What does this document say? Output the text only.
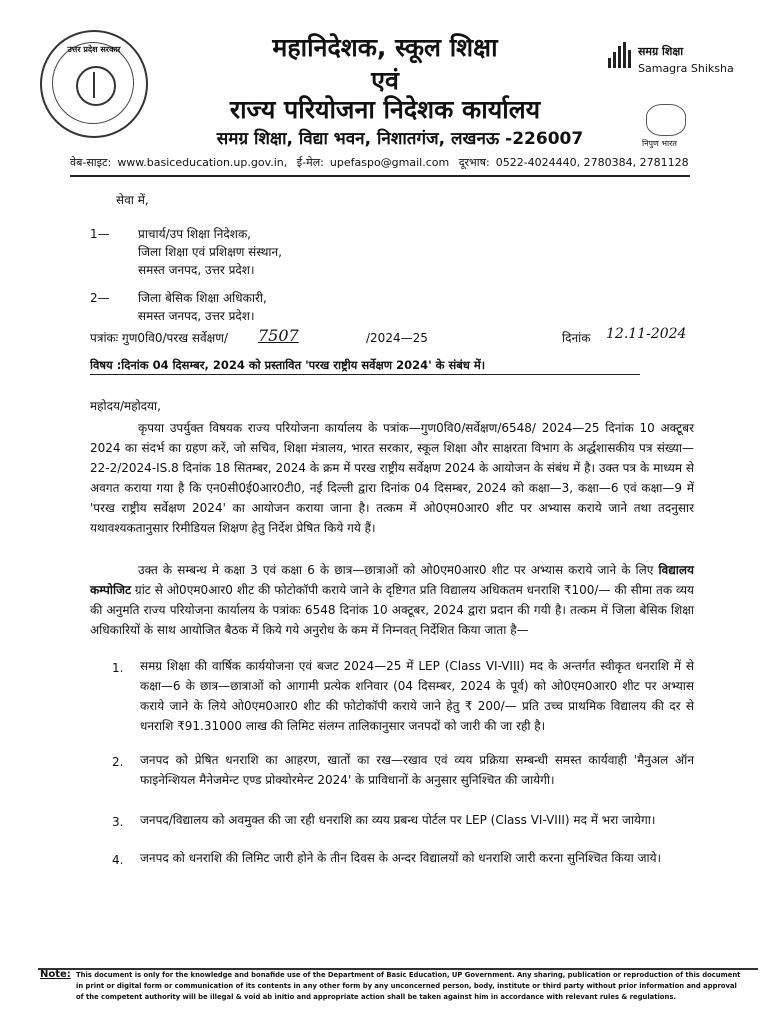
उत्तर प्रदेश सरकार	महानिदेशक, स्कूल शिक्षा
एवं
राज्य परियोजना निदेशक कार्यालय
समग्र शिक्षा, विद्या भवन, निशातगंज, लखनऊ -226007
समग्र शिक्षा
Samagra Shiksha
निपुण भारत
वेब-साइट: www.basiceducation.up.gov.in, ई-मेल: upefaspo@gmail.com दूरभाष: 0522-4024440, 2780384, 2781128
सेवा में,
1— प्राचार्य/उप शिक्षा निदेशक,
जिला शिक्षा एवं प्रशिक्षण संस्थान,
समस्त जनपद, उत्तर प्रदेश।
2— जिला बेसिक शिक्षा अधिकारी,
समस्त जनपद, उत्तर प्रदेश।
पत्रांकः गुण0वि0/परख सर्वेक्षण/ 7507	/2024—25	दिनांक 12.11-2024
विषय :दिनांक 04 दिसम्बर, 2024 को प्रस्तावित 'परख राष्ट्रीय सर्वेक्षण 2024' के संबंध में।
महोदय/महोदया,

कृपया उपर्युक्त विषयक राज्य परियोजना कार्यालय के पत्रांक—गुण0वि0/सर्वेक्षण/6548/ 2024—25 दिनांक 10 अक्टूबर 2024 का संदर्भ का ग्रहण करें, जो सचिव, शिक्षा मंत्रालय, भारत सरकार, स्कूल शिक्षा और साक्षरता विभाग के अर्द्धशासकीय पत्र संख्या—22-2/2024-IS.8 दिनांक 18 सितम्बर, 2024 के क्रम में परख राष्ट्रीय सर्वेक्षण 2024 के आयोजन के संबंध में है। उक्त पत्र के माध्यम से अवगत कराया गया है कि एन0सी0ई0आर0टी0, नई दिल्ली द्वारा दिनांक 04 दिसम्बर, 2024 को कक्षा—3, कक्षा—6 एवं कक्षा—9 में 'परख राष्ट्रीय सर्वेक्षण 2024' का आयोजन कराया जाना है। तत्कम में ओ0एम0आर0 शीट पर अभ्यास कराये जाने तथा तदनुसार यथावश्यकतानुसार रिमीडियल शिक्षण हेतु निर्देश प्रेषित किये गये हैं।

उक्त के सम्बन्ध मे कक्षा 3 एवं कक्षा 6 के छात्र—छात्राओं को ओ0एम0आर0 शीट पर अभ्यास कराये जाने के लिए विद्यालय कम्पोजिट ग्रांट से ओ0एम0आर0 शीट की फोटोकॉपी कराये जाने के दृष्टिगत प्रति विद्यालय अधिकतम धनराशि ₹100/— की सीमा तक व्यय की अनुमति राज्य परियोजना कार्यालय के पत्रांकः 6548 दिनांक 10 अक्टूबर, 2024 द्वारा प्रदान की गयी है। तत्कम में जिला बेसिक शिक्षा अधिकारियों के साथ आयोजित बैठक में किये गये अनुरोध के कम में निम्नवत् निर्देशित किया जाता है—

1. समग्र शिक्षा की वार्षिक कार्ययोजना एवं बजट 2024—25 में LEP (Class VI-VIII) मद के अन्तर्गत स्वीकृत धनराशि में से कक्षा—6 के छात्र—छात्राओं को आगामी प्रत्येक शनिवार (04 दिसम्बर, 2024 के पूर्व) को ओ0एम0आर0 शीट पर अभ्यास कराये जाने के लिये ओ0एम0आर0 शीट की फोटोकॉपी कराये जाने हेतु ₹ 200/— प्रति उच्च प्राथमिक विद्यालय की दर से धनराशि ₹91.31000 लाख की लिमिट संलग्न तालिकानुसार जनपदों को जारी की जा रही है।

2. जनपद को प्रेषित धनराशि का आहरण, खातों का रख—रखाव एवं व्यय प्रक्रिया सम्बन्धी समस्त कार्यवाही 'मैनुअल ऑन फाइनेन्शियल मैनेजमेन्ट एण्ड प्रोक्योरमेन्ट 2024' के प्राविधानों के अनुसार सुनिश्चित की जायेगी।

3. जनपद/विद्यालय को अवमुक्त की जा रही धनराशि का व्यय प्रबन्ध पोर्टल पर LEP (Class VI-VIII) मद में भरा जायेगा।

4. जनपद को धनराशि की लिमिट जारी होने के तीन दिवस के अन्दर विद्यालयों को धनराशि जारी करना सुनिश्चित किया जाये।

Note: This document is only for the knowledge and bonafide use of the Department of Basic Education, UP Government. Any sharing, publication or reproduction of this document in print or digital form or communication of its contents in any other form by any unconcerned person, body, institute or third party without prior information and approval of the competent authority will be illegal & void ab initio and appropriate action shall be taken against him in accordance with relevant rules & regulations.
